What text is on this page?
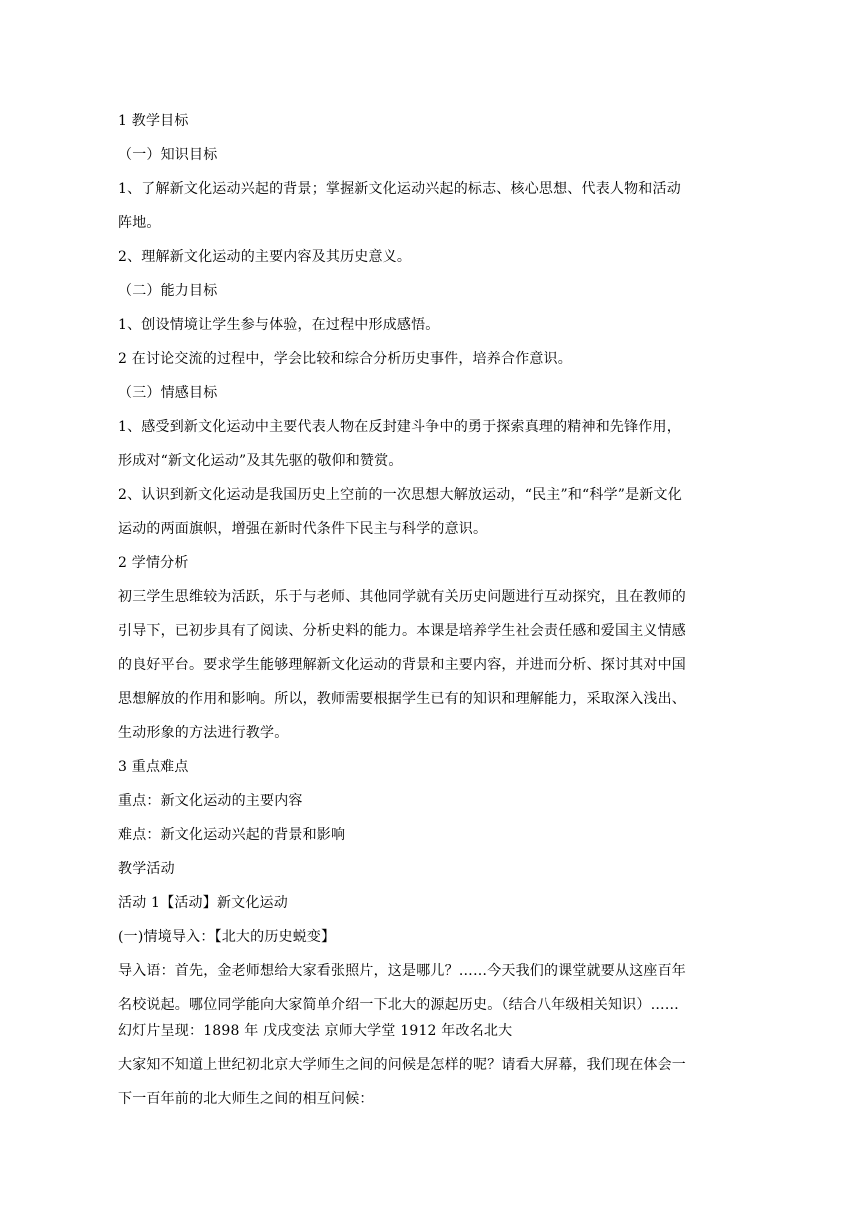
1 教学目标

（一）知识目标

1、了解新文化运动兴起的背景；掌握新文化运动兴起的标志、核心思想、代表人物和活动

阵地。

2、理解新文化运动的主要内容及其历史意义。

（二）能力目标

1、创设情境让学生参与体验，在过程中形成感悟。

2 在讨论交流的过程中，学会比较和综合分析历史事件，培养合作意识。

（三）情感目标

1、感受到新文化运动中主要代表人物在反封建斗争中的勇于探索真理的精神和先锋作用，

形成对“新文化运动”及其先驱的敬仰和赞赏。

2、认识到新文化运动是我国历史上空前的一次思想大解放运动，“民主”和“科学”是新文化

运动的两面旗帜，增强在新时代条件下民主与科学的意识。

2 学情分析

初三学生思维较为活跃，乐于与老师、其他同学就有关历史问题进行互动探究，且在教师的

引导下，已初步具有了阅读、分析史料的能力。本课是培养学生社会责任感和爱国主义情感

的良好平台。要求学生能够理解新文化运动的背景和主要内容，并进而分析、探讨其对中国

思想解放的作用和影响。所以，教师需要根据学生已有的知识和理解能力，采取深入浅出、

生动形象的方法进行教学。

3 重点难点

重点：新文化运动的主要内容

难点：新文化运动兴起的背景和影响

教学活动

活动 1【活动】新文化运动

(一)情境导入：【北大的历史蜕变】

导入语：首先，金老师想给大家看张照片，这是哪儿？……今天我们的课堂就要从这座百年

名校说起。哪位同学能向大家简单介绍一下北大的源起历史。（结合八年级相关知识）……

幻灯片呈现：1898 年 戊戌变法 京师大学堂 1912 年改名北大

大家知不知道上世纪初北京大学师生之间的问候是怎样的呢？请看大屏幕，我们现在体会一

下一百年前的北大师生之间的相互问候：
